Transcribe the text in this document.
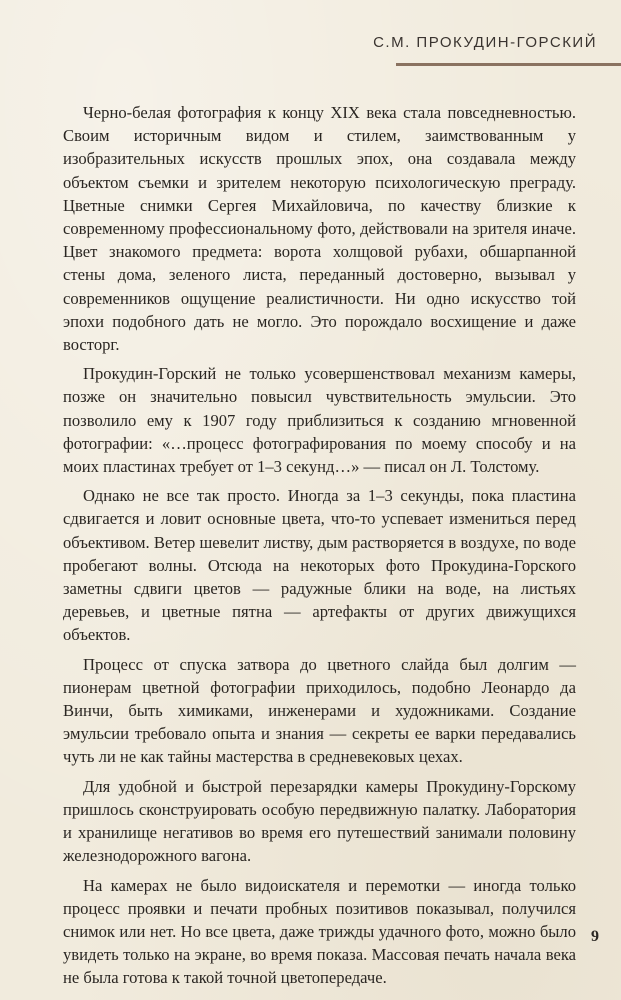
С.М. ПРОКУДИН-ГОРСКИЙ

Черно-белая фотография к концу XIX века стала повседневностью. Своим историчным видом и стилем, заимствованным у изобразительных искусств прошлых эпох, она создавала между объектом съемки и зрителем некоторую психологическую преграду. Цветные снимки Сергея Михайловича, по качеству близкие к современному профессиональному фото, действовали на зрителя иначе. Цвет знакомого предмета: ворота холщовой рубахи, обшарпанной стены дома, зеленого листа, переданный достоверно, вызывал у современников ощущение реалистичности. Ни одно искусство той эпохи подобного дать не могло. Это порождало восхищение и даже восторг.

Прокудин-Горский не только усовершенствовал механизм камеры, позже он значительно повысил чувствительность эмульсии. Это позволило ему к 1907 году приблизиться к созданию мгновенной фотографии: «…процесс фотографирования по моему способу и на моих пластинах требует от 1–3 секунд…» — писал он Л. Толстому.

Однако не все так просто. Иногда за 1–3 секунды, пока пластина сдвигается и ловит основные цвета, что-то успевает измениться перед объективом. Ветер шевелит листву, дым растворяется в воздухе, по воде пробегают волны. Отсюда на некоторых фото Прокудина-Горского заметны сдвиги цветов — радужные блики на воде, на листьях деревьев, и цветные пятна — артефакты от других движущихся объектов.

Процесс от спуска затвора до цветного слайда был долгим — пионерам цветной фотографии приходилось, подобно Леонардо да Винчи, быть химиками, инженерами и художниками. Создание эмульсии требовало опыта и знания — секреты ее варки передавались чуть ли не как тайны мастерства в средневековых цехах.

Для удобной и быстрой перезарядки камеры Прокудину-Горскому пришлось сконструировать особую передвижную палатку. Лаборатория и хранилище негативов во время его путешествий занимали половину железнодорожного вагона.

На камерах не было видоискателя и перемотки — иногда только процесс проявки и печати пробных позитивов показывал, получился снимок или нет. Но все цвета, даже трижды удачного фото, можно было увидеть только на экране, во время показа. Массовая печать начала века не была готова к такой точной цветопередаче.

9
